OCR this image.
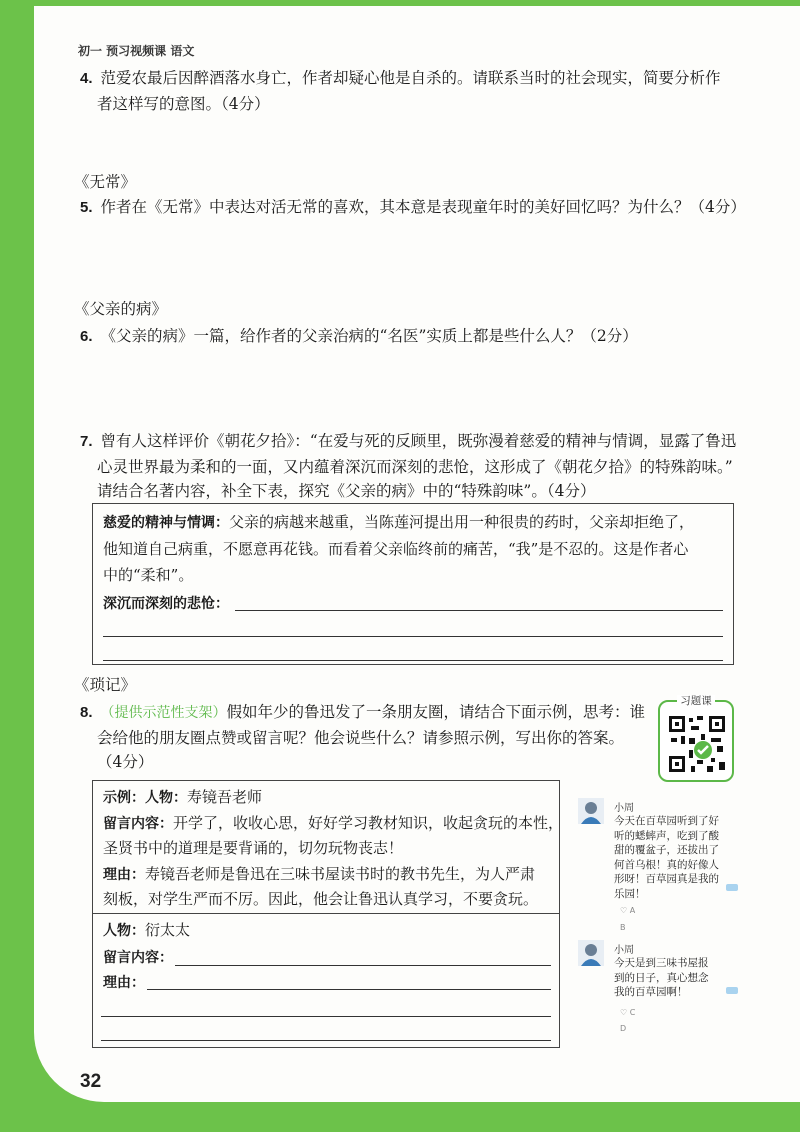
初一 预习视频课 语文
4. 范爱农最后因醉酒落水身亡，作者却疑心他是自杀的。请联系当时的社会现实，简要分析作
者这样写的意图。（4分）
《无常》
5. 作者在《无常》中表达对活无常的喜欢，其本意是表现童年时的美好回忆吗？为什么？（4分）
《父亲的病》
6. 《父亲的病》一篇，给作者的父亲治病的“名医”实质上都是些什么人？（2分）
7. 曾有人这样评价《朝花夕拾》：“在爱与死的反顾里，既弥漫着慈爱的精神与情调，显露了鲁迅
心灵世界最为柔和的一面，又内蕴着深沉而深刻的悲怆，这形成了《朝花夕拾》的特殊韵味。”
请结合名著内容，补全下表，探究《父亲的病》中的“特殊韵味”。（4分）
慈爱的精神与情调：父亲的病越来越重，当陈莲河提出用一种很贵的药时，父亲却拒绝了，
他知道自己病重，不愿意再花钱。而看着父亲临终前的痛苦，“我”是不忍的。这是作者心
中的“柔和”。
深沉而深刻的悲怆：
《琐记》
8. （提供示范性支架）假如年少的鲁迅发了一条朋友圈，请结合下面示例，思考：谁
会给他的朋友圈点赞或留言呢？他会说些什么？请参照示例，写出你的答案。
（4分）
习题课
示例：人物：寿镜吾老师
留言内容：开学了，收收心思，好好学习教材知识，收起贪玩的本性，
圣贤书中的道理是要背诵的，切勿玩物丧志！
理由：寿镜吾老师是鲁迅在三味书屋读书时的教书先生，为人严肃
刻板，对学生严而不厉。因此，他会让鲁迅认真学习，不要贪玩。
人物：衍太太
留言内容：
理由：
小周
今天在百草园听到了好
听的蟋蟀声，吃到了酸
甜的覆盆子，还拔出了
何首乌根！真的好像人
形呀！百草园真是我的
乐园！
♡ A
B
小周
今天是到三味书屋报
到的日子，真心想念
我的百草园啊！
♡ C
D
32
